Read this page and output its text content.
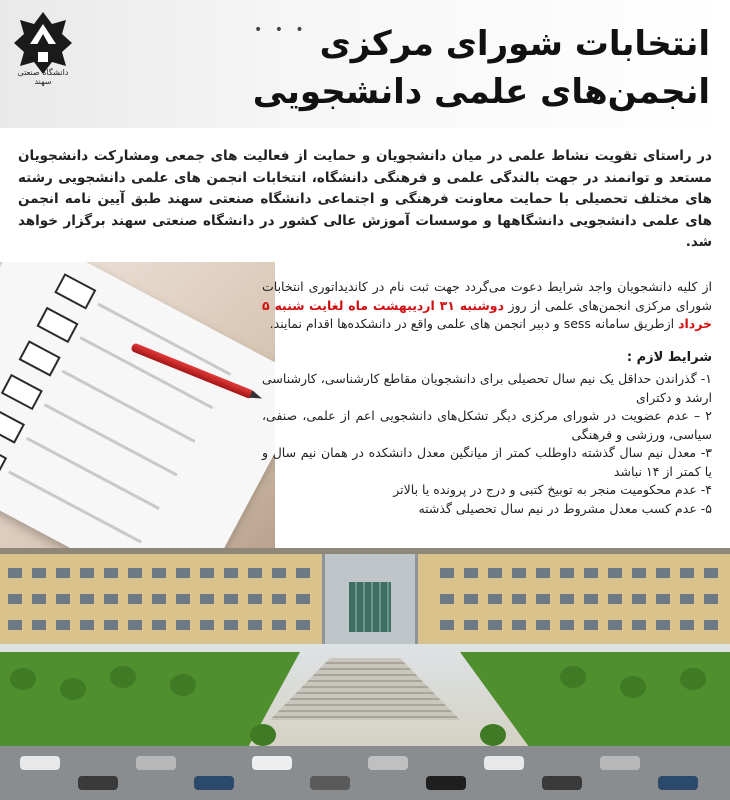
دانشگاه صنعتی سهند
• • • انتخابات شورای مرکزی
انجمن‌های علمی دانشجویی

در راستای تقویت نشاط علمی در میان دانشجویان و حمایت از فعالیت های جمعی ومشارکت دانشجویان مستعد و توانمند در جهت بالندگی علمی و فرهنگی دانشگاه، انتخابات انجمن های علمی دانشجویی رشته های مختلف تحصیلی با حمایت معاونت فرهنگی و اجتماعی دانشگاه صنعتی سهند طبق آیین نامه انجمن های علمی دانشجویی دانشگاهها و موسسات آموزش عالی کشور در دانشگاه صنعتی سهند برگزار خواهد شد.

از کلیه دانشجویان واجد شرایط دعوت می‌گردد جهت ثبت نام در کاندیداتوری انتخابات شورای مرکزی انجمن‌های علمی از روز دوشنبه ۳۱ اردیبهشت ماه لغایت شنبه ۵ خرداد ازطریق سامانه sess و دبیر انجمن های علمی واقع در دانشکده‌ها اقدام نمایند.

شرایط لازم :
۱- گذراندن حداقل یک نیم سال تحصیلی برای دانشجویان مقاطع کارشناسی، کارشناسی ارشد و دکترای
۲ – عدم عضویت در شورای مرکزی دیگر تشکل‌های دانشجویی اعم از علمی، صنفی، سیاسی، ورزشی و فرهنگی
۳- معدل نیم سال گذشته داوطلب کمتر از میانگین معدل دانشکده در همان نیم سال و یا کمتر از ۱۴ نباشد
۴- عدم محکومیت منجر به توبیخ کتبی و درج در پرونده یا بالاتر
۵- عدم کسب معدل مشروط در نیم سال تحصیلی گذشته
